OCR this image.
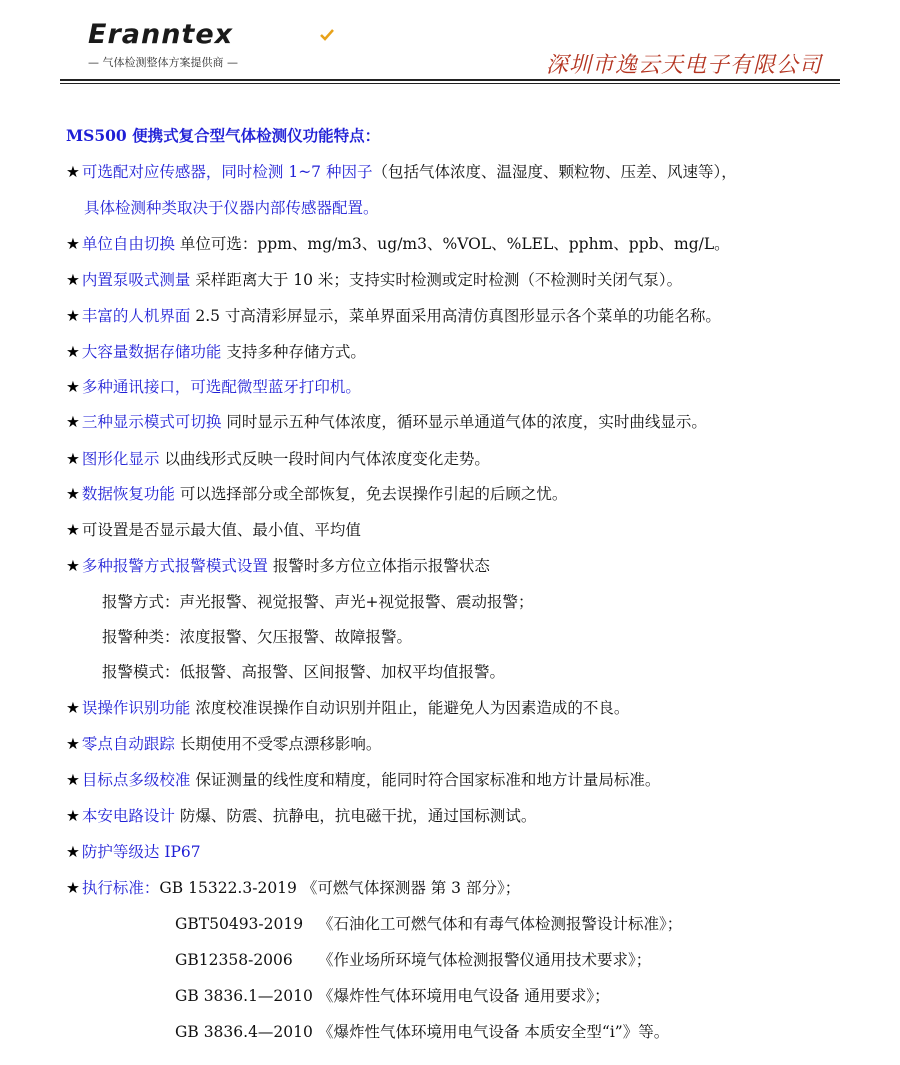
Eranntex
— 气体检测整体方案提供商 —	深圳市逸云天电子有限公司
MS500 便携式复合型气体检测仪功能特点：
★ 可选配对应传感器，同时检测 1~7 种因子（包括气体浓度、温湿度、颗粒物、压差、风速等），
具体检测种类取决于仪器内部传感器配置。
★ 单位自由切换 单位可选：ppm、mg/m3、ug/m3、%VOL、%LEL、pphm、ppb、mg/L。
★ 内置泵吸式测量 采样距离大于 10 米；支持实时检测或定时检测（不检测时关闭气泵）。
★ 丰富的人机界面 2.5 寸高清彩屏显示，菜单界面采用高清仿真图形显示各个菜单的功能名称。
★ 大容量数据存储功能 支持多种存储方式。
★ 多种通讯接口，可选配微型蓝牙打印机。
★ 三种显示模式可切换 同时显示五种气体浓度，循环显示单通道气体的浓度，实时曲线显示。
★ 图形化显示 以曲线形式反映一段时间内气体浓度变化走势。
★ 数据恢复功能 可以选择部分或全部恢复，免去误操作引起的后顾之忧。
★ 可设置是否显示最大值、最小值、平均值
★ 多种报警方式报警模式设置 报警时多方位立体指示报警状态
报警方式：声光报警、视觉报警、声光+视觉报警、震动报警；
报警种类：浓度报警、欠压报警、故障报警。
报警模式：低报警、高报警、区间报警、加权平均值报警。
★ 误操作识别功能 浓度校准误操作自动识别并阻止，能避免人为因素造成的不良。
★ 零点自动跟踪 长期使用不受零点漂移影响。
★ 目标点多级校准 保证测量的线性度和精度，能同时符合国家标准和地方计量局标准。
★ 本安电路设计 防爆、防震、抗静电，抗电磁干扰，通过国标测试。
★ 防护等级达 IP67
★ 执行标准：GB 15322.3-2019 《可燃气体探测器 第 3 部分》；
GBT50493-2019 《石油化工可燃气体和有毒气体检测报警设计标准》；
GB12358-2006 《作业场所环境气体检测报警仪通用技术要求》；
GB 3836.1—2010 《爆炸性气体环境用电气设备 通用要求》；
GB 3836.4—2010 《爆炸性气体环境用电气设备 本质安全型“i”》等。
